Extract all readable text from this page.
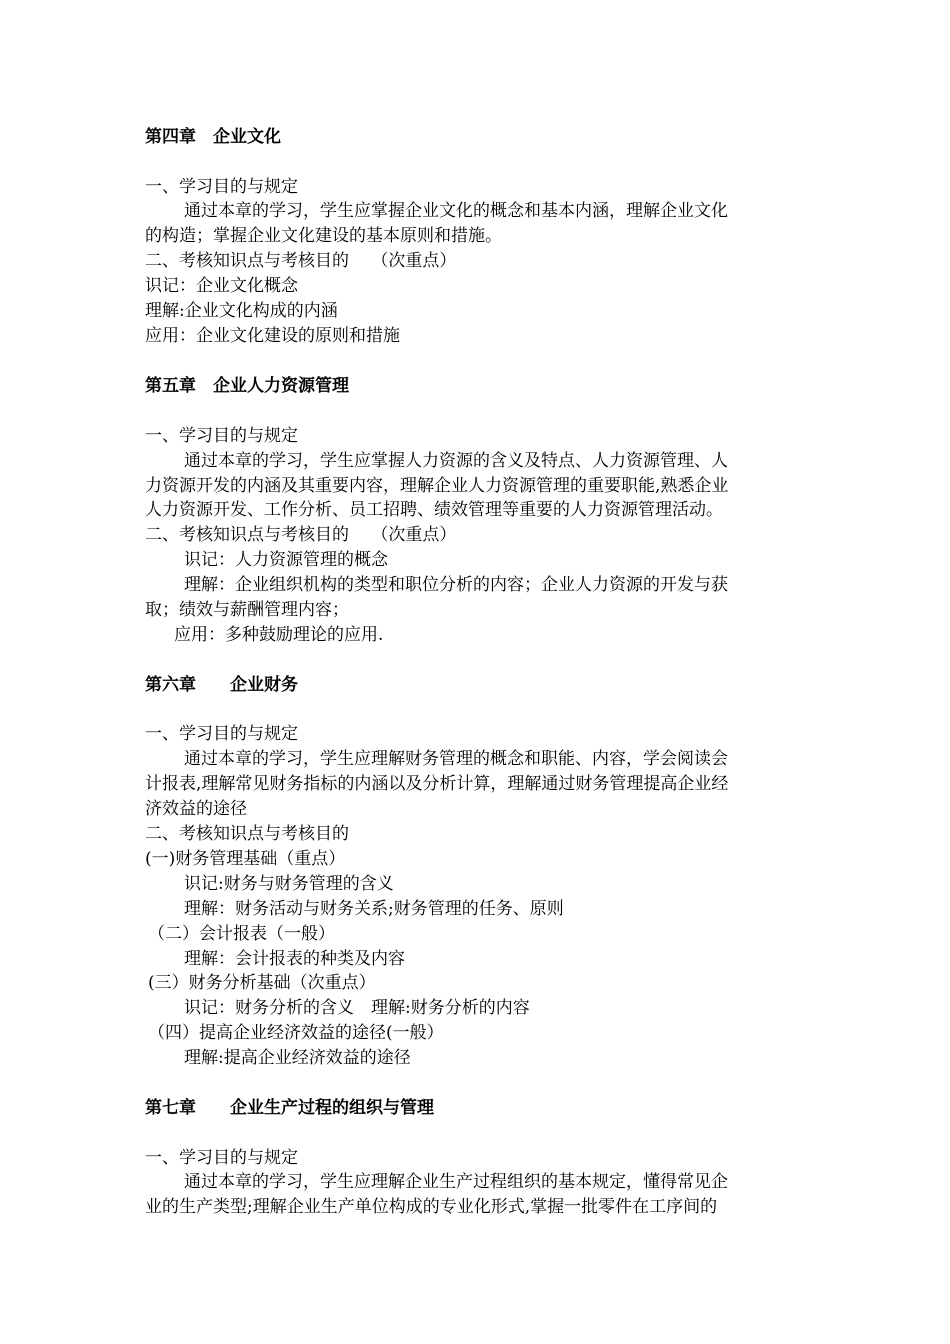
第四章　企业文化
一、学习目的与规定
通过本章的学习，学生应掌握企业文化的概念和基本内涵，理解企业文化
的构造；掌握企业文化建设的基本原则和措施。
二、考核知识点与考核目的　 （次重点）
识记：企业文化概念
理解:企业文化构成的内涵
应用：企业文化建设的原则和措施
第五章　企业人力资源管理
一、学习目的与规定
通过本章的学习，学生应掌握人力资源的含义及特点、人力资源管理、人
力资源开发的内涵及其重要内容，理解企业人力资源管理的重要职能,熟悉企业
人力资源开发、工作分析、员工招聘、绩效管理等重要的人力资源管理活动。
二、考核知识点与考核目的　 （次重点）
识记：人力资源管理的概念
理解：企业组织机构的类型和职位分析的内容；企业人力资源的开发与获
取；绩效与薪酬管理内容；
应用：多种鼓励理论的应用.
第六章　　企业财务
一、学习目的与规定
通过本章的学习，学生应理解财务管理的概念和职能、内容，学会阅读会
计报表,理解常见财务指标的内涵以及分析计算，理解通过财务管理提高企业经
济效益的途径
二、考核知识点与考核目的
(一)财务管理基础（重点）
识记:财务与财务管理的含义
理解：财务活动与财务关系;财务管理的任务、原则
（二）会计报表（一般）
理解：会计报表的种类及内容
(三）财务分析基础（次重点）
识记：财务分析的含义　理解:财务分析的内容
（四）提高企业经济效益的途径(一般）
理解:提高企业经济效益的途径
第七章　　企业生产过程的组织与管理
一、学习目的与规定
通过本章的学习，学生应理解企业生产过程组织的基本规定，懂得常见企
业的生产类型;理解企业生产单位构成的专业化形式,掌握一批零件在工序间的
